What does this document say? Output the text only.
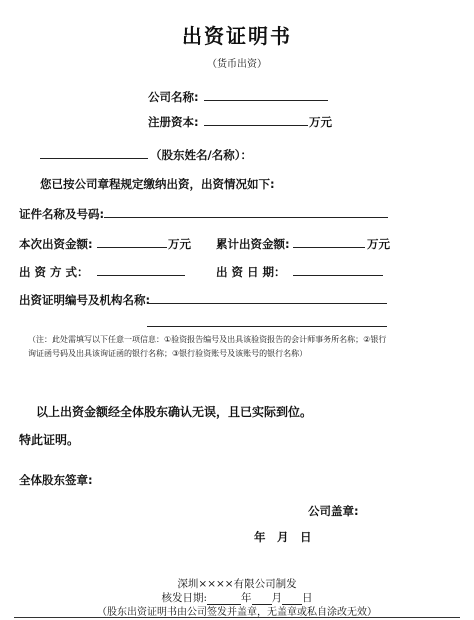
出资证明书
（货币出资）
公司名称:
注册资本:	万元
（股东姓名/名称）：
您已按公司章程规定缴纳出资，出资情况如下:
证件名称及号码:
本次出资金额:	万元 累计出资金额:	万元
出 资 方 式：	出 资 日 期：
出资证明编号及机构名称:
（注：此处需填写以下任意一项信息：①验资报告编号及出具该验资报告的会计师事务所名称；②银行
询证函号码及出具该询证函的银行名称；③银行验资账号及该账号的银行名称）
以上出资金额经全体股东确认无误，且已实际到位。
特此证明。
全体股东签章:
公司盖章:
年　月　日
深圳××××有限公司制发
核发日期:	年 月 日
（股东出资证明书由公司签发并盖章，无盖章或私自涂改无效）
